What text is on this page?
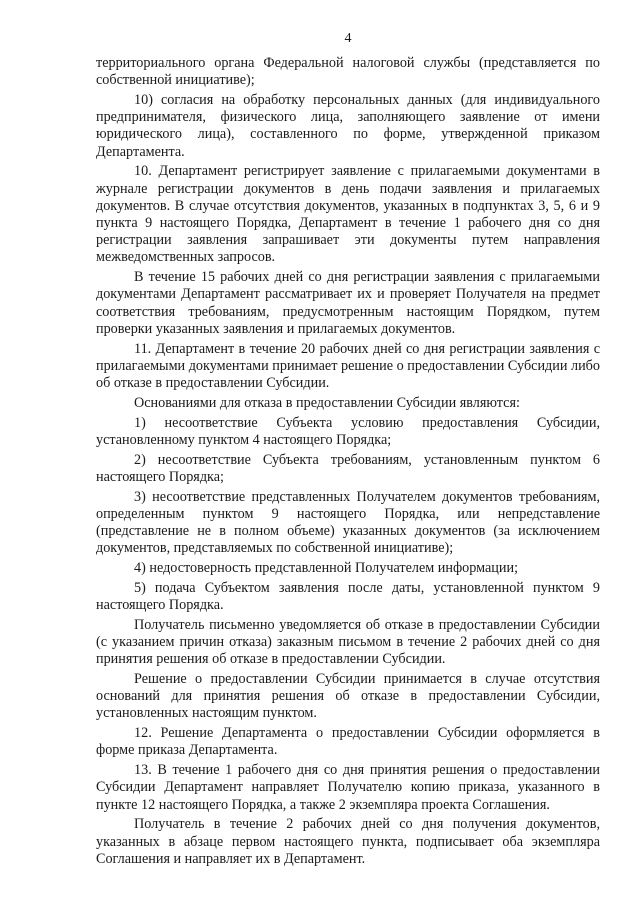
4

территориального органа Федеральной налоговой службы (представляется по собственной инициативе);

10) согласия на обработку персональных данных (для индивидуального предпринимателя, физического лица, заполняющего заявление от имени юридического лица), составленного по форме, утвержденной приказом Департамента.

10. Департамент регистрирует заявление с прилагаемыми документами в журнале регистрации документов в день подачи заявления и прилагаемых документов. В случае отсутствия документов, указанных в подпунктах 3, 5, 6 и 9 пункта 9 настоящего Порядка, Департамент в течение 1 рабочего дня со дня регистрации заявления запрашивает эти документы путем направления межведомственных запросов.

В течение 15 рабочих дней со дня регистрации заявления с прилагаемыми документами Департамент рассматривает их и проверяет Получателя на предмет соответствия требованиям, предусмотренным настоящим Порядком, путем проверки указанных заявления и прилагаемых документов.

11. Департамент в течение 20 рабочих дней со дня регистрации заявления с прилагаемыми документами принимает решение о предоставлении Субсидии либо об отказе в предоставлении Субсидии.

Основаниями для отказа в предоставлении Субсидии являются:

1) несоответствие Субъекта условию предоставления Субсидии, установленному пунктом 4 настоящего Порядка;

2) несоответствие Субъекта требованиям, установленным пунктом 6 настоящего Порядка;

3) несоответствие представленных Получателем документов требованиям, определенным пунктом 9 настоящего Порядка, или непредставление (представление не в полном объеме) указанных документов (за исключением документов, представляемых по собственной инициативе);

4) недостоверность представленной Получателем информации;

5) подача Субъектом заявления после даты, установленной пунктом 9 настоящего Порядка.

Получатель письменно уведомляется об отказе в предоставлении Субсидии (с указанием причин отказа) заказным письмом в течение 2 рабочих дней со дня принятия решения об отказе в предоставлении Субсидии.

Решение о предоставлении Субсидии принимается в случае отсутствия оснований для принятия решения об отказе в предоставлении Субсидии, установленных настоящим пунктом.

12. Решение Департамента о предоставлении Субсидии оформляется в форме приказа Департамента.

13. В течение 1 рабочего дня со дня принятия решения о предоставлении Субсидии Департамент направляет Получателю копию приказа, указанного в пункте 12 настоящего Порядка, а также 2 экземпляра проекта Соглашения.

Получатель в течение 2 рабочих дней со дня получения документов, указанных в абзаце первом настоящего пункта, подписывает оба экземпляра Соглашения и направляет их в Департамент.
